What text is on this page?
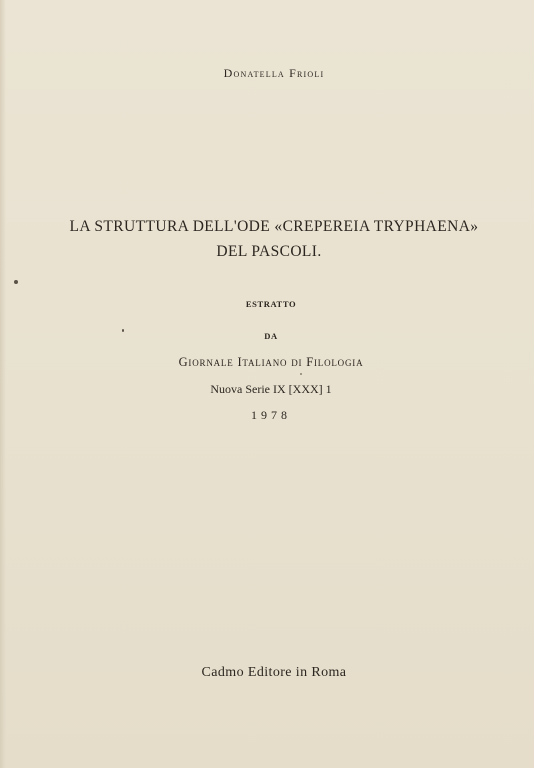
Donatella Frioli
LA STRUTTURA DELL'ODE «CREPEREIA TRYPHAENA»
DEL PASCOLI.
ESTRATTO
DA
Giornale Italiano di Filologia
Nuova Serie IX [XXX] 1
1978
Cadmo Editore in Roma
